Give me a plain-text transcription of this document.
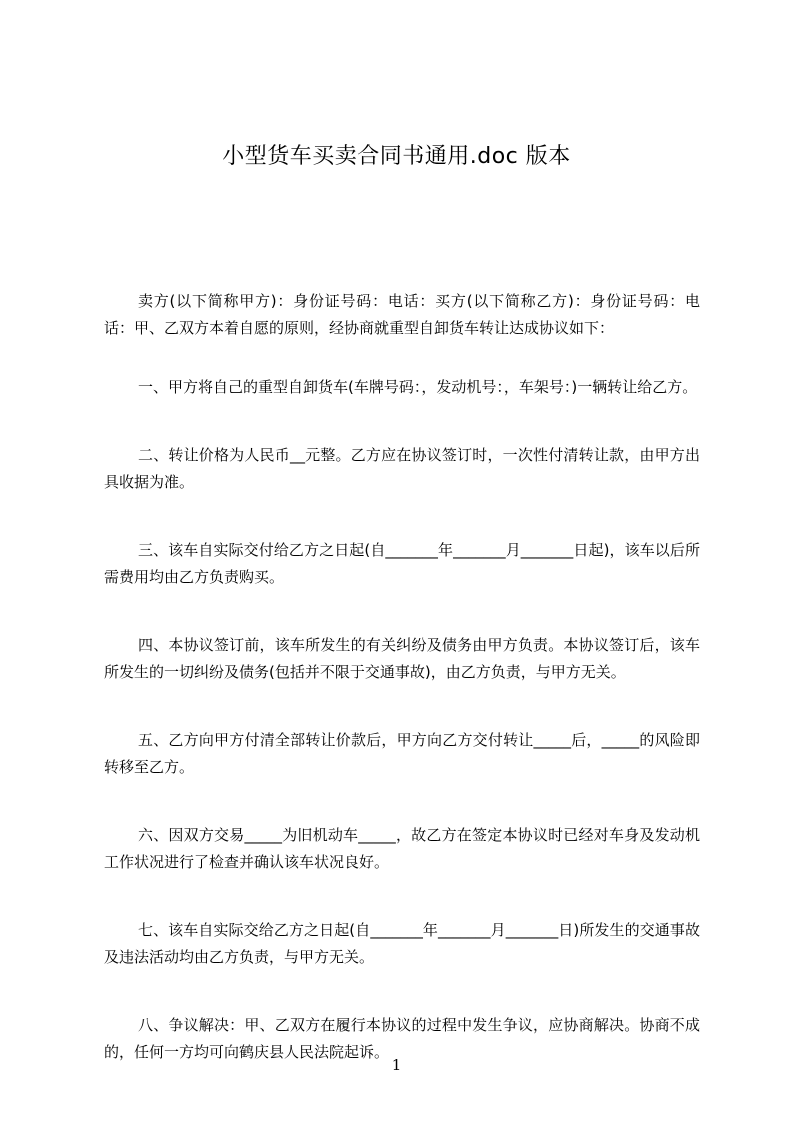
小型货车买卖合同书通用.doc 版本

卖方(以下简称甲方)：身份证号码：电话：买方(以下简称乙方)：身份证号码：电话：甲、乙双方本着自愿的原则，经协商就重型自卸货车转让达成协议如下：

一、甲方将自己的重型自卸货车(车牌号码：，发动机号：，车架号：)一辆转让给乙方。

二、转让价格为人民币__元整。乙方应在协议签订时，一次性付清转让款，由甲方出具收据为准。

三、该车自实际交付给乙方之日起(自_______年_______月_______日起)，该车以后所需费用均由乙方负责购买。

四、本协议签订前，该车所发生的有关纠纷及债务由甲方负责。本协议签订后，该车所发生的一切纠纷及债务(包括并不限于交通事故)，由乙方负责，与甲方无关。

五、乙方向甲方付清全部转让价款后，甲方向乙方交付转让_____后，_____的风险即转移至乙方。

六、因双方交易_____为旧机动车_____，故乙方在签定本协议时已经对车身及发动机工作状况进行了检查并确认该车状况良好。

七、该车自实际交给乙方之日起(自_______年_______月_______日)所发生的交通事故及违法活动均由乙方负责，与甲方无关。

八、争议解决：甲、乙双方在履行本协议的过程中发生争议，应协商解决。协商不成的，任何一方均可向鹤庆县人民法院起诉。

1
